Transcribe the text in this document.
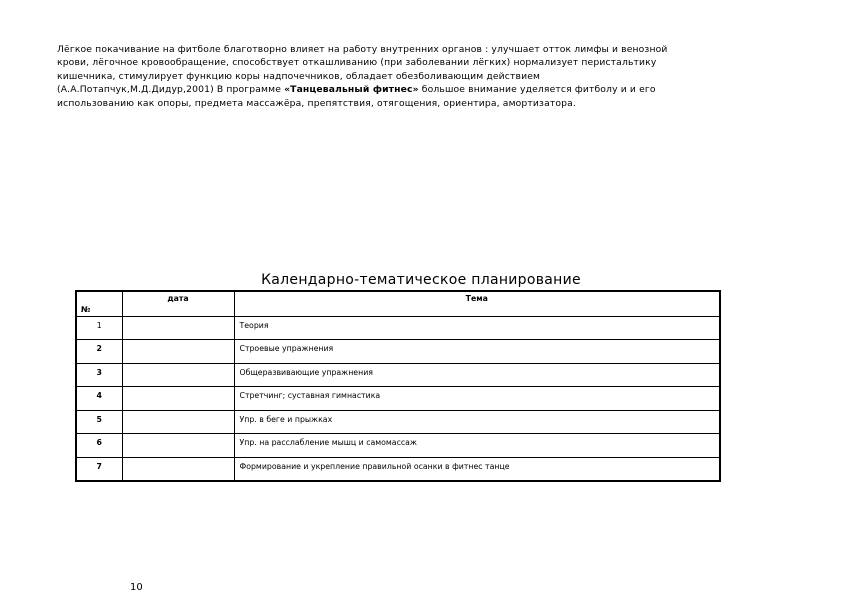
Лёгкое покачивание на фитболе благотворно влияет на работу внутренних органов : улучшает отток лимфы и венозной

крови, лёгочное кровообращение, способствует откашливанию (при заболевании лёгких) нормализует перистальтику

кишечника, стимулирует функцию коры надпочечников, обладает обезболивающим действием

(А.А.Потапчук,М.Д.Дидур,2001) В программе «Танцевальный фитнес» большое внимание уделяется фитболу и и его

использованию как опоры, предмета массажёра, препятствия, отягощения, ориентира, амортизатора.

Календарно-тематическое планирование
№	дата	Тема
1		Теория
2		Строевые упражнения
3		Общеразвивающие упражнения
4		Стретчинг; суставная гимнастика
5		Упр. в беге и прыжках
6		Упр. на расслабление мышц и самомассаж
7		Формирование и укрепление правильной осанки в фитнес танце
10
